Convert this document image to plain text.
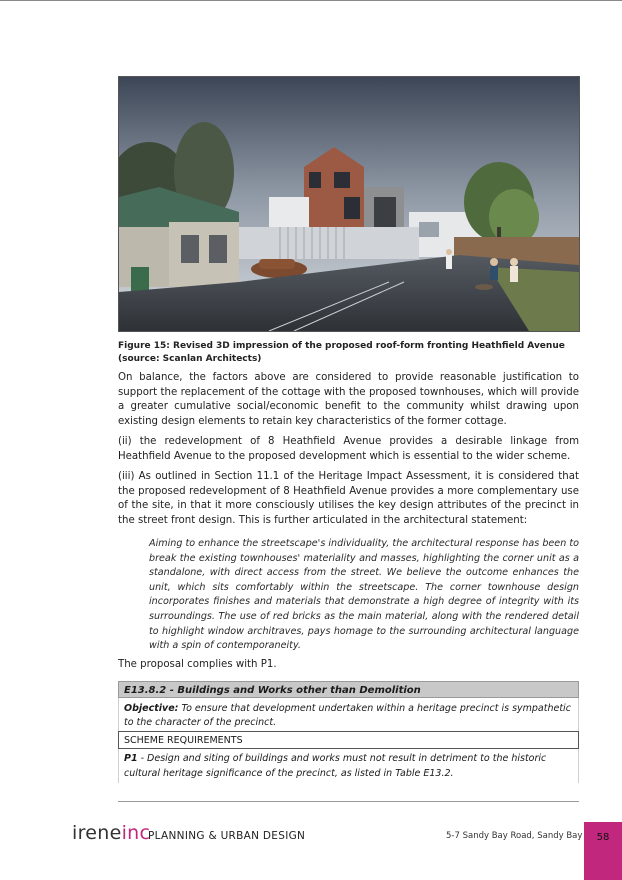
Figure 15: Revised 3D impression of the proposed roof-form fronting Heathfield Avenue (source: Scanlan Architects)
On balance, the factors above are considered to provide reasonable justification to support the replacement of the cottage with the proposed townhouses, which will provide a greater cumulative social/economic benefit to the community whilst drawing upon existing design elements to retain key characteristics of the former cottage.
(ii) the redevelopment of 8 Heathfield Avenue provides a desirable linkage from Heathfield Avenue to the proposed development which is essential to the wider scheme.
(iii) As outlined in Section 11.1 of the Heritage Impact Assessment, it is considered that the proposed redevelopment of 8 Heathfield Avenue provides a more complementary use of the site, in that it more consciously utilises the key design attributes of the precinct in the street front design. This is further articulated in the architectural statement:
Aiming to enhance the streetscape's individuality, the architectural response has been to break the existing townhouses' materiality and masses, highlighting the corner unit as a standalone, with direct access from the street. We believe the outcome enhances the unit, which sits comfortably within the streetscape. The corner townhouse design incorporates finishes and materials that demonstrate a high degree of integrity with its surroundings. The use of red bricks as the main material, along with the rendered detail to highlight window architraves, pays homage to the surrounding architectural language with a spin of contemporaneity.
The proposal complies with P1.
E13.8.2 - Buildings and Works other than Demolition
Objective: To ensure that development undertaken within a heritage precinct is sympathetic to the character of the precinct.
SCHEME REQUIREMENTS
P1 - Design and siting of buildings and works must not result in detriment to the historic cultural heritage significance of the precinct, as listed in Table E13.2.
ireneinc
PLANNING & URBAN DESIGN	5-7 Sandy Bay Road, Sandy Bay	58
